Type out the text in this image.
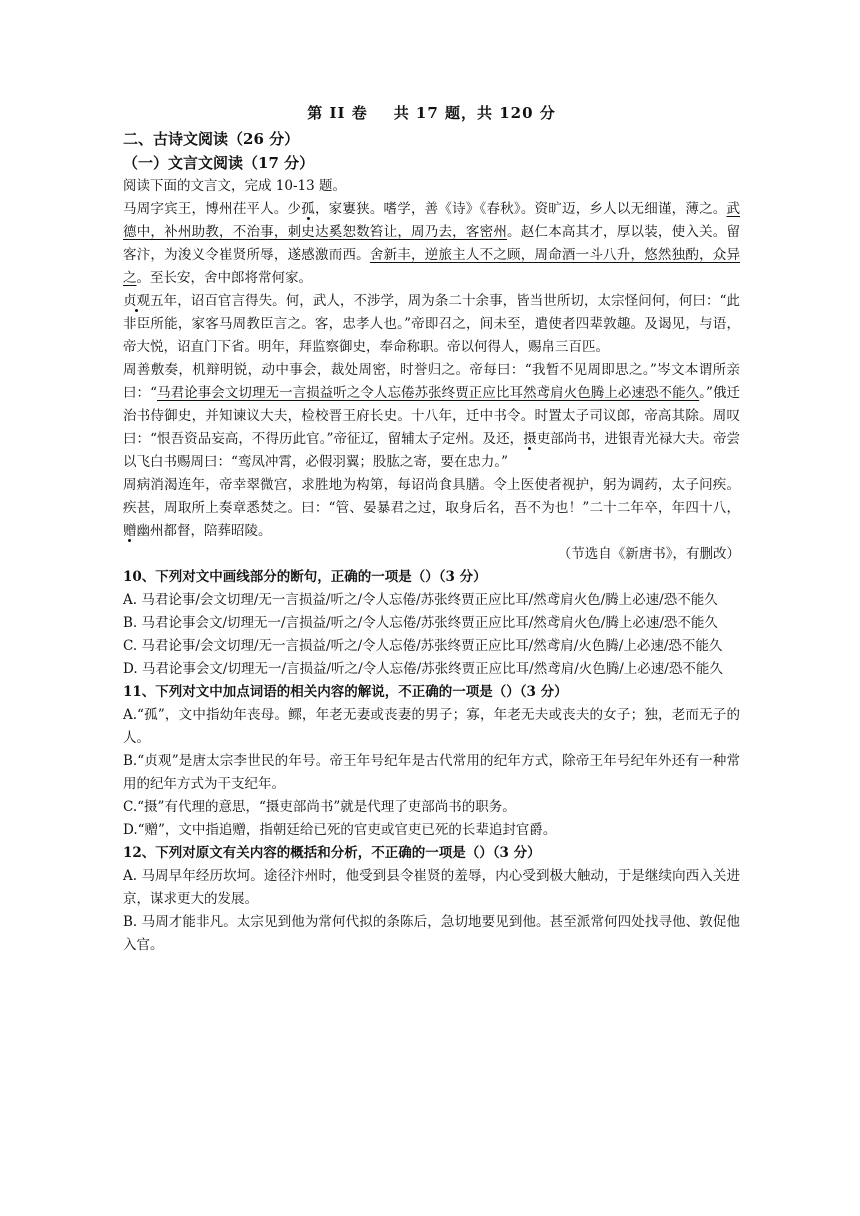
第 II 卷 共 17 题，共 120 分
二、古诗文阅读（26 分）
（一）文言文阅读（17 分）
阅读下面的文言文，完成 10-13 题。
马周字宾王，博州茌平人。少孤，家寠狭。嗜学，善《诗》《春秋》。资旷迈，乡人以无细谨，薄之。武德中，补州助教，不治事，刺史达奚恕数笞让，周乃去，客密州。赵仁本高其才，厚以装，使入关。留客汴，为浚义令崔贤所辱，遂感激而西。舍新丰，逆旅主人不之顾，周命酒一斗八升，悠然独酌，众异之。至长安，舍中郎将常何家。
贞观五年，诏百官言得失。何，武人，不涉学，周为条二十余事，皆当世所切，太宗怪问何，何曰：“此非臣所能，家客马周教臣言之。客，忠孝人也。”帝即召之，间未至，遣使者四辈敦趣。及谒见，与语，帝大悦，诏直门下省。明年，拜监察御史，奉命称职。帝以何得人，赐帛三百匹。
周善敷奏，机辩明锐，动中事会，裁处周密，时誉归之。帝每曰：“我暂不见周即思之。”岑文本谓所亲曰：“马君论事会文切理无一言损益听之令人忘倦苏张终贾正应比耳然鸢肩火色腾上必速恐不能久。”俄迁治书侍御史，并知谏议大夫，检校晋王府长史。十八年，迁中书令。时置太子司议郎，帝高其除。周叹曰：“恨吾资品妄高，不得历此官。”帝征辽，留辅太子定州。及还，摄吏部尚书，进银青光禄大夫。帝尝以飞白书赐周曰：“鸾凤冲霄，必假羽翼；股肱之寄，要在忠力。”
周病消渴连年，帝幸翠微宫，求胜地为构第，每诏尚食具膳。令上医使者视护，躬为调药，太子问疾。疾甚，周取所上奏章悉焚之。曰：“管、晏暴君之过，取身后名，吾不为也！”二十二年卒，年四十八，赠幽州都督，陪葬昭陵。
（节选自《新唐书》，有删改）
10、下列对文中画线部分的断句，正确的一项是（）（3 分）
A. 马君论事/会文切理/无一言损益/听之/令人忘倦/苏张终贾正应比耳/然鸢肩火色/腾上必速/恐不能久
B. 马君论事会文/切理无一/言损益/听之/令人忘倦/苏张终贾正应比耳/然鸢肩火色/腾上必速/恐不能久
C. 马君论事/会文切理/无一言损益/听之/令人忘倦/苏张终贾正应比耳/然鸢肩/火色腾/上必速/恐不能久
D. 马君论事会文/切理无一/言损益/听之/令人忘倦/苏张终贾正应比耳/然鸢肩/火色腾/上必速/恐不能久
11、下列对文中加点词语的相关内容的解说，不正确的一项是（）（3 分）
A.“孤”，文中指幼年丧母。鳏，年老无妻或丧妻的男子；寡，年老无夫或丧夫的女子；独，老而无子的人。
B.“贞观”是唐太宗李世民的年号。帝王年号纪年是古代常用的纪年方式，除帝王年号纪年外还有一种常用的纪年方式为干支纪年。
C.“摄”有代理的意思，“摄吏部尚书”就是代理了吏部尚书的职务。
D.“赠”，文中指追赠，指朝廷给已死的官吏或官吏已死的长辈追封官爵。
12、下列对原文有关内容的概括和分析，不正确的一项是（）（3 分）
A. 马周早年经历坎坷。途径汴州时，他受到县令崔贤的羞辱，内心受到极大触动，于是继续向西入关进京，谋求更大的发展。
B. 马周才能非凡。太宗见到他为常何代拟的条陈后，急切地要见到他。甚至派常何四处找寻他、敦促他入官。
